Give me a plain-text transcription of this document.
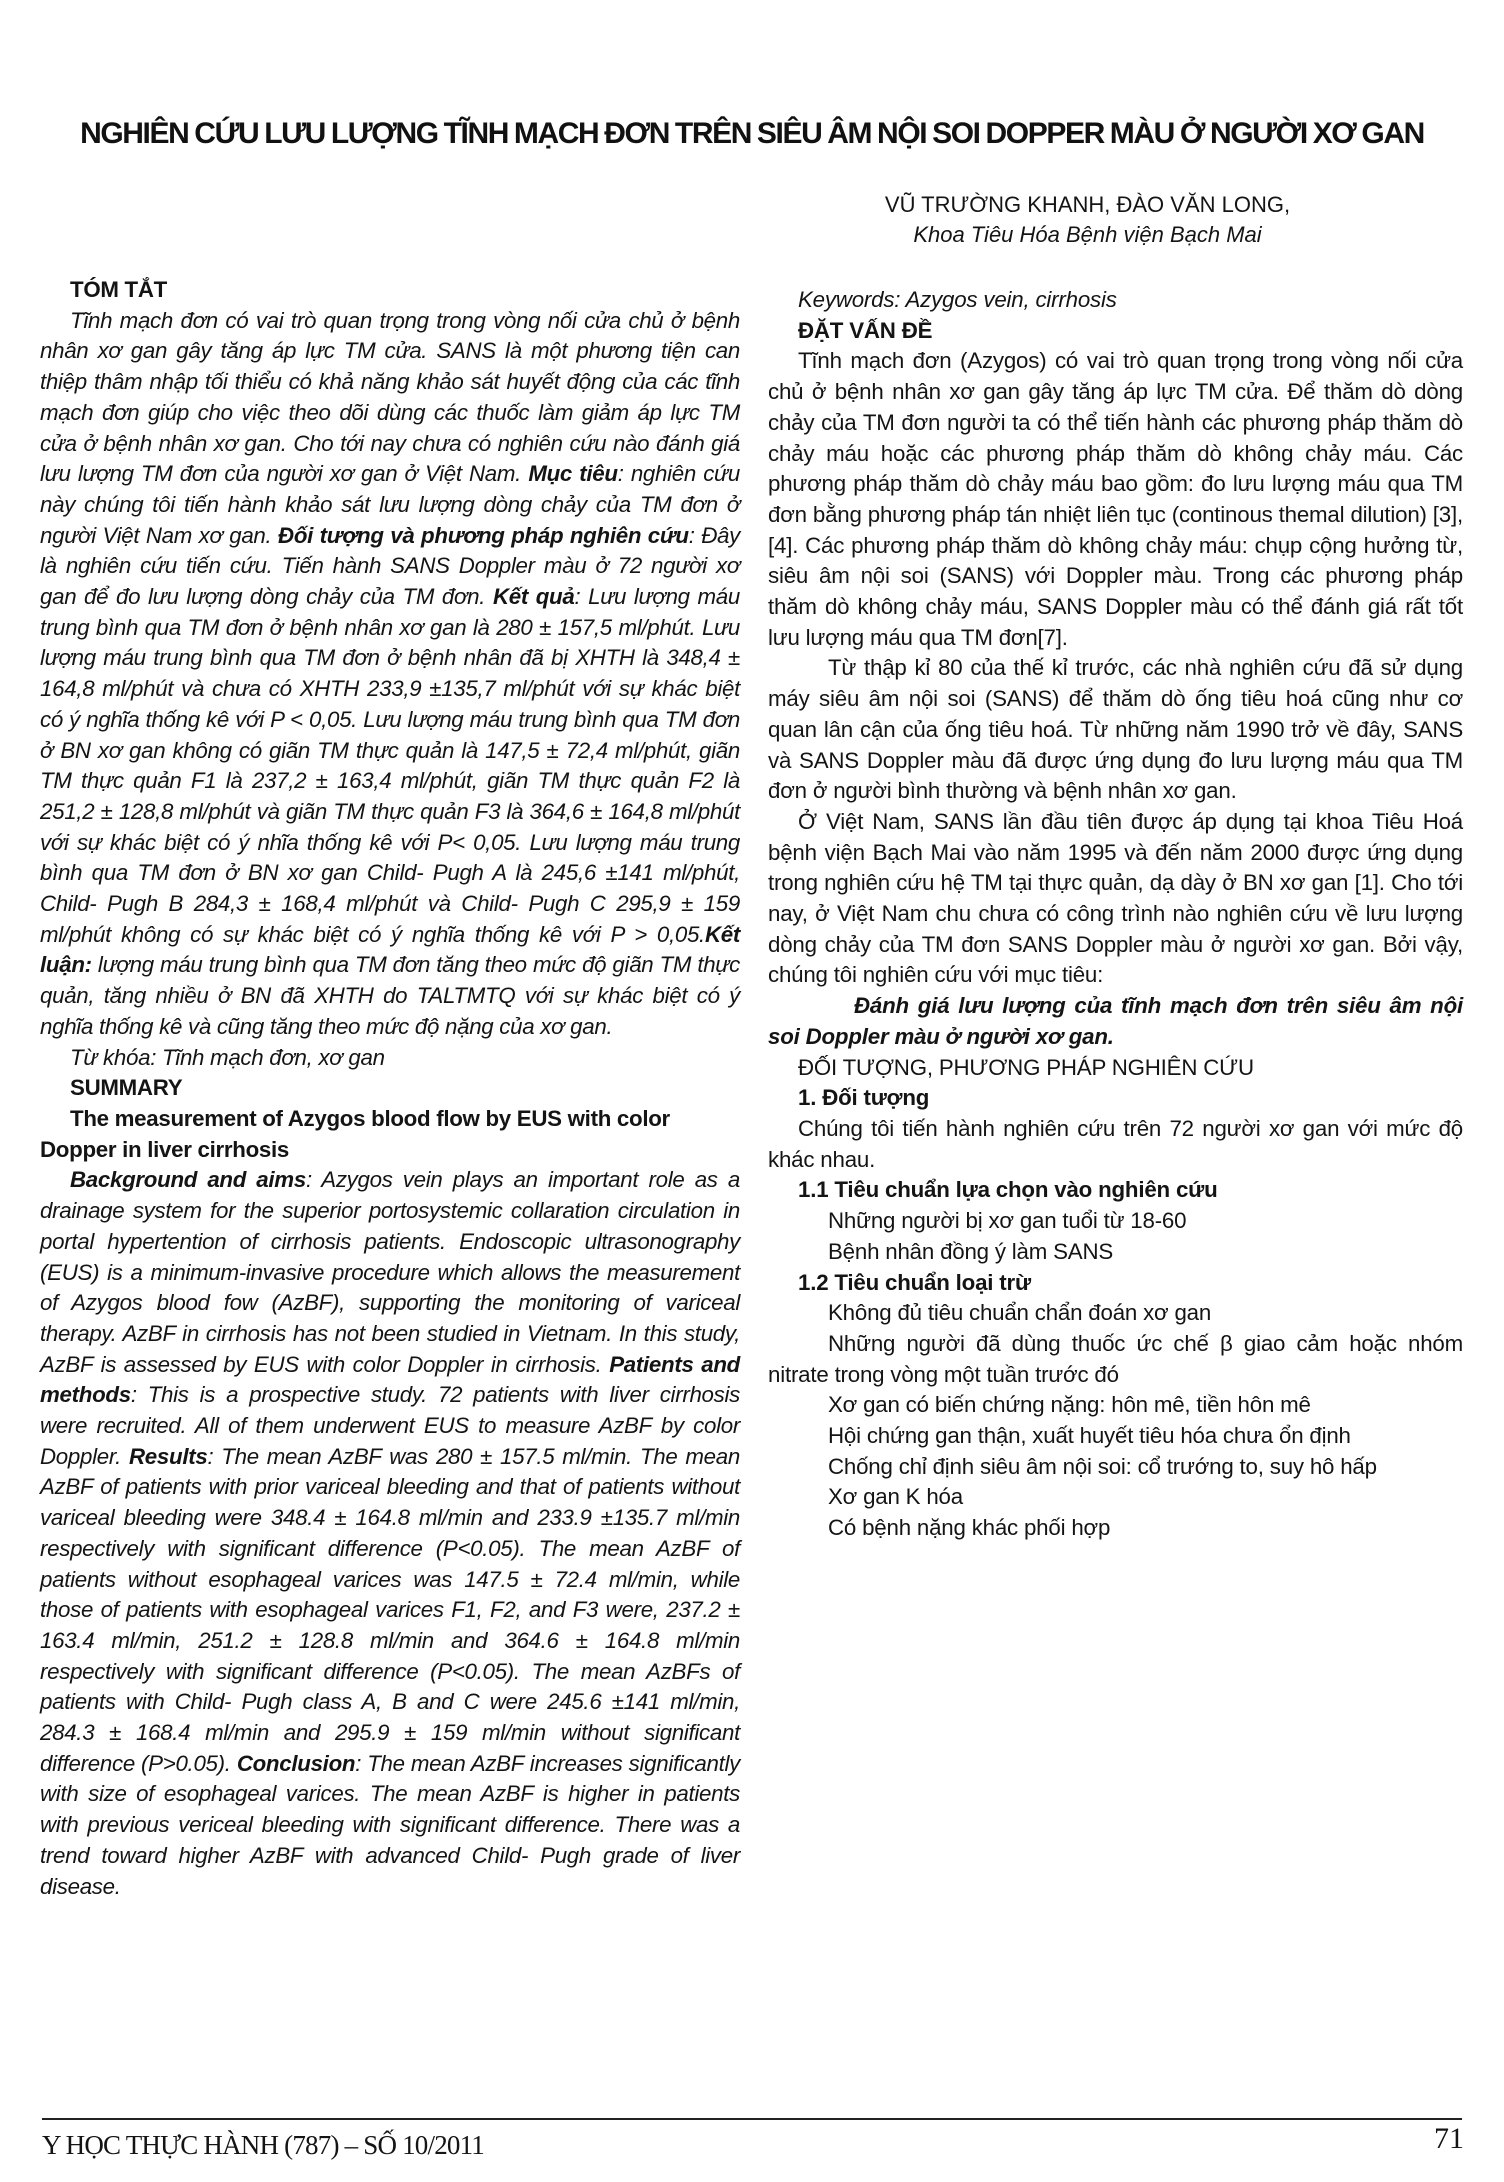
NGHIÊN CỨU LƯU LƯỢNG TĨNH MẠCH ĐƠN TRÊN SIÊU ÂM NỘI SOI DOPPER MÀU Ở NGƯỜI XƠ GAN
VŨ TRƯỜNG KHANH, ĐÀO VĂN LONG,
Khoa Tiêu Hóa Bệnh viện Bạch Mai

TÓM TẮT

Tĩnh mạch đơn có vai trò quan trọng trong vòng nối cửa chủ ở bệnh nhân xơ gan gây tăng áp lực TM cửa. SANS là một phương tiện can thiệp thâm nhập tối thiểu có khả năng khảo sát huyết động của các tĩnh mạch đơn giúp cho việc theo dõi dùng các thuốc làm giảm áp lực TM cửa ở bệnh nhân xơ gan. Cho tới nay chưa có nghiên cứu nào đánh giá lưu lượng TM đơn của người xơ gan ở Việt Nam. Mục tiêu: nghiên cứu này chúng tôi tiến hành khảo sát lưu lượng dòng chảy của TM đơn ở người Việt Nam xơ gan. Đối tượng và phương pháp nghiên cứu: Đây là nghiên cứu tiến cứu. Tiến hành SANS Doppler màu ở 72 người xơ gan để đo lưu lượng dòng chảy của TM đơn. Kết quả: Lưu lượng máu trung bình qua TM đơn ở bệnh nhân xơ gan là 280 ± 157,5 ml/phút. Lưu lượng máu trung bình qua TM đơn ở bệnh nhân đã bị XHTH là 348,4 ± 164,8 ml/phút và chưa có XHTH 233,9 ±135,7 ml/phút với sự khác biệt có ý nghĩa thống kê với P < 0,05. Lưu lượng máu trung bình qua TM đơn ở BN xơ gan không có giãn TM thực quản là 147,5 ± 72,4 ml/phút, giãn TM thực quản F1 là 237,2 ± 163,4 ml/phút, giãn TM thực quản F2 là 251,2 ± 128,8 ml/phút và giãn TM thực quản F3 là 364,6 ± 164,8 ml/phút với sự khác biệt có ý nhĩa thống kê với P< 0,05. Lưu lượng máu trung bình qua TM đơn ở BN xơ gan Child- Pugh A là 245,6 ±141 ml/phút, Child- Pugh B 284,3 ± 168,4 ml/phút và Child- Pugh C 295,9 ± 159 ml/phút không có sự khác biệt có ý nghĩa thống kê với P > 0,05.Kết luận: lượng máu trung bình qua TM đơn tăng theo mức độ giãn TM thực quản, tăng nhiều ở BN đã XHTH do TALTMTQ với sự khác biệt có ý nghĩa thống kê và cũng tăng theo mức độ nặng của xơ gan.

Từ khóa: Tĩnh mạch đơn, xơ gan

SUMMARY

The measurement of Azygos blood flow by EUS with color Dopper in liver cirrhosis

Background and aims: Azygos vein plays an important role as a drainage system for the superior portosystemic collaration circulation in portal hypertention of cirrhosis patients. Endoscopic ultrasonography (EUS) is a minimum-invasive procedure which allows the measurement of Azygos blood fow (AzBF), supporting the monitoring of variceal therapy. AzBF in cirrhosis has not been studied in Vietnam. In this study, AzBF is assessed by EUS with color Doppler in cirrhosis. Patients and methods: This is a prospective study. 72 patients with liver cirrhosis were recruited. All of them underwent EUS to measure AzBF by color Doppler. Results: The mean AzBF was 280 ± 157.5 ml/min. The mean AzBF of patients with prior variceal bleeding and that of patients without variceal bleeding were 348.4 ± 164.8 ml/min and 233.9 ±135.7 ml/min respectively with significant difference (P<0.05). The mean AzBF of patients without esophageal varices was 147.5 ± 72.4 ml/min, while those of patients with esophageal varices F1, F2, and F3 were, 237.2 ± 163.4 ml/min, 251.2 ± 128.8 ml/min and 364.6 ± 164.8 ml/min respectively with significant difference (P<0.05). The mean AzBFs of patients with Child- Pugh class A, B and C were 245.6 ±141 ml/min, 284.3 ± 168.4 ml/min and 295.9 ± 159 ml/min without significant difference (P>0.05). Conclusion: The mean AzBF increases significantly with size of esophageal varices. The mean AzBF is higher in patients with previous vericeal bleeding with significant difference. There was a trend toward higher AzBF with advanced Child- Pugh grade of liver disease.

Keywords: Azygos vein, cirrhosis

ĐẶT VẤN ĐỀ

Tĩnh mạch đơn (Azygos) có vai trò quan trọng trong vòng nối cửa chủ ở bệnh nhân xơ gan gây tăng áp lực TM cửa. Để thăm dò dòng chảy của TM đơn người ta có thể tiến hành các phương pháp thăm dò chảy máu hoặc các phương pháp thăm dò không chảy máu. Các phương pháp thăm dò chảy máu bao gồm: đo lưu lượng máu qua TM đơn bằng phương pháp tán nhiệt liên tục (continous themal dilution) [3], [4]. Các phương pháp thăm dò không chảy máu: chụp cộng hưởng từ, siêu âm nội soi (SANS) với Doppler màu. Trong các phương pháp thăm dò không chảy máu, SANS Doppler màu có thể đánh giá rất tốt lưu lượng máu qua TM đơn[7].

Từ thập kỉ 80 của thế kỉ trước, các nhà nghiên cứu đã sử dụng máy siêu âm nội soi (SANS) để thăm dò ống tiêu hoá cũng như cơ quan lân cận của ống tiêu hoá. Từ những năm 1990 trở về đây, SANS và SANS Doppler màu đã được ứng dụng đo lưu lượng máu qua TM đơn ở người bình thường và bệnh nhân xơ gan.

Ở Việt Nam, SANS lần đầu tiên được áp dụng tại khoa Tiêu Hoá bệnh viện Bạch Mai vào năm 1995 và đến năm 2000 được ứng dụng trong nghiên cứu hệ TM tại thực quản, dạ dày ở BN xơ gan [1]. Cho tới nay, ở Việt Nam chu chưa có công trình nào nghiên cứu về lưu lượng dòng chảy của TM đơn SANS Doppler màu ở người xơ gan. Bởi vậy, chúng tôi nghiên cứu với mục tiêu:

Đánh giá lưu lượng của tĩnh mạch đơn trên siêu âm nội soi Doppler màu ở người xơ gan.

ĐỐI TƯỢNG, PHƯƠNG PHÁP NGHIÊN CỨU

1. Đối tượng

Chúng tôi tiến hành nghiên cứu trên 72 người xơ gan với mức độ khác nhau.

1.1 Tiêu chuẩn lựa chọn vào nghiên cứu

Những người bị xơ gan tuổi từ 18-60

Bệnh nhân đồng ý làm SANS

1.2 Tiêu chuẩn loại trừ

Không đủ tiêu chuẩn chẩn đoán xơ gan

Những người đã dùng thuốc ức chế β giao cảm hoặc nhóm nitrate trong vòng một tuần trước đó

Xơ gan có biến chứng nặng: hôn mê, tiền hôn mê

Hội chứng gan thận, xuất huyết tiêu hóa chưa ổn định

Chống chỉ định siêu âm nội soi: cổ trướng to, suy hô hấp

Xơ gan K hóa

Có bệnh nặng khác phối hợp

Y HỌC THỰC HÀNH (787) – SỐ 10/2011	71
